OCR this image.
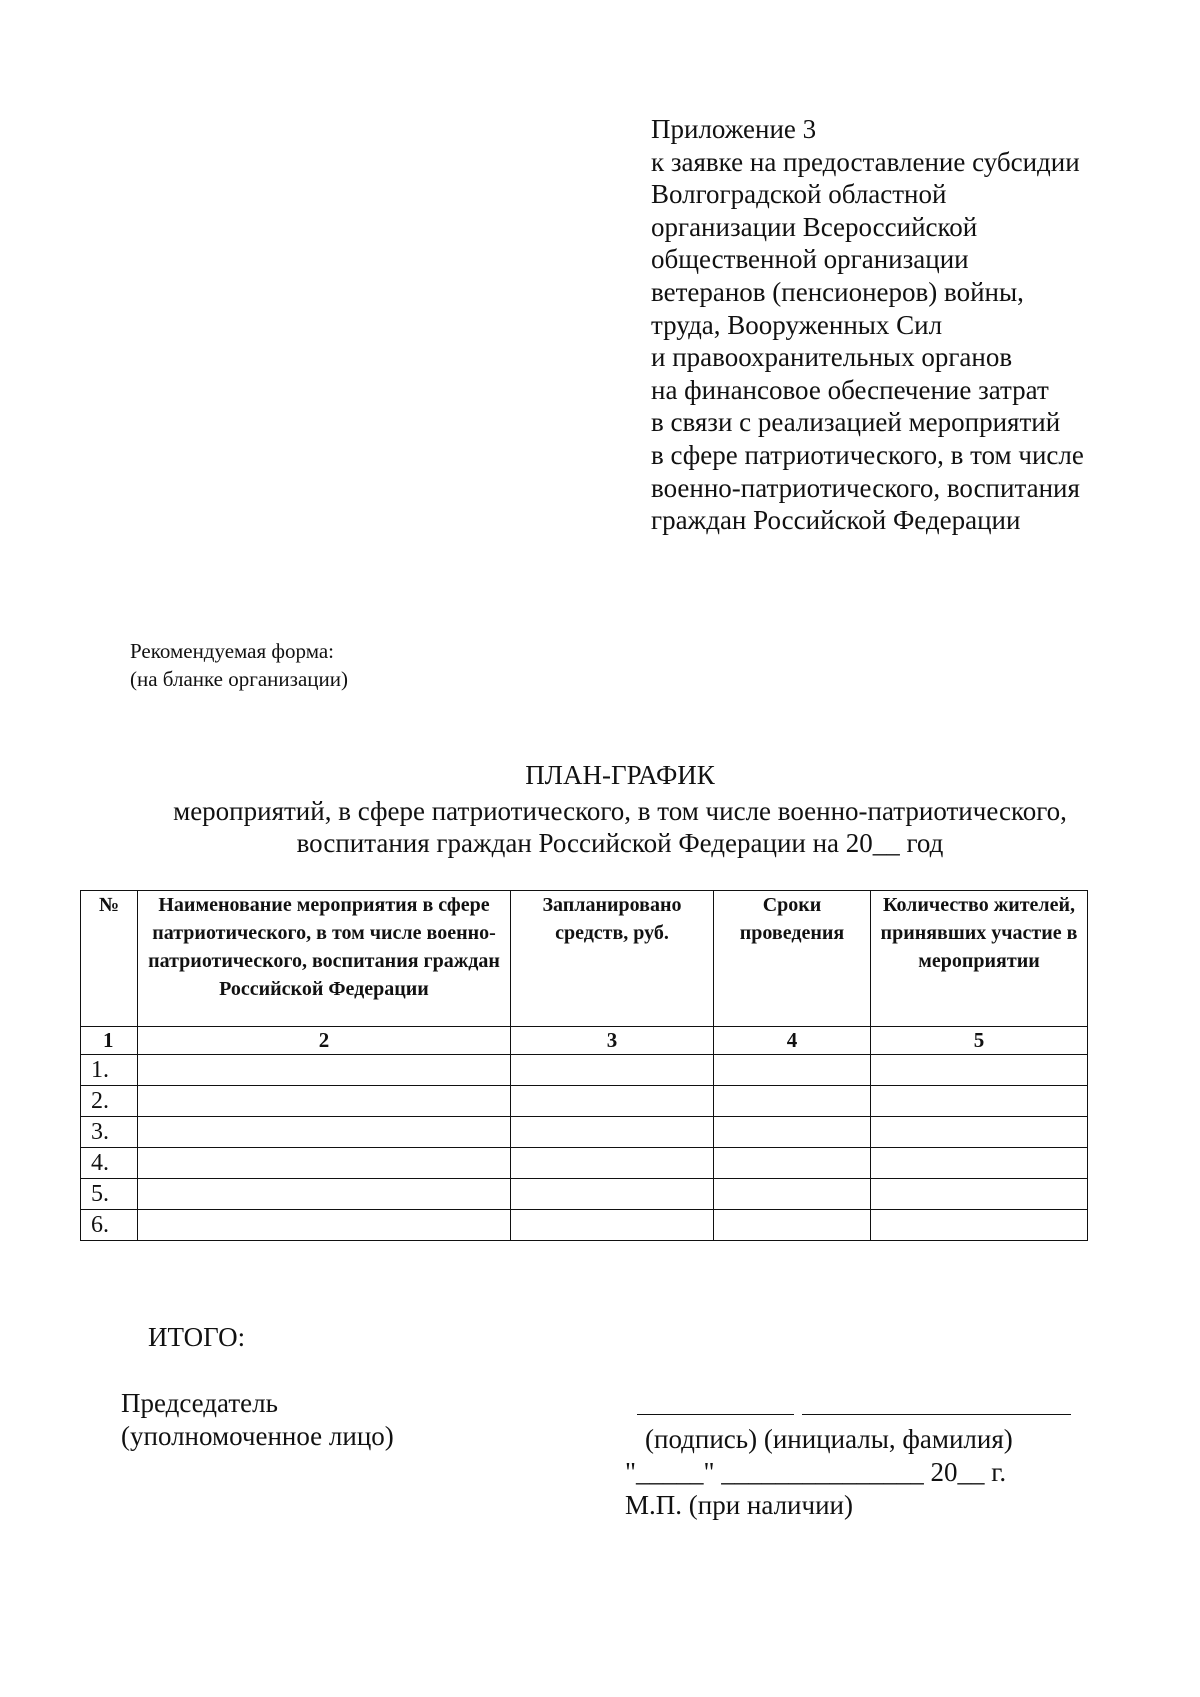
Приложение 3
к заявке на предоставление субсидии
Волгоградской областной
организации Всероссийской
общественной организации
ветеранов (пенсионеров) войны,
труда, Вооруженных Сил
и правоохранительных органов
на финансовое обеспечение затрат
в связи с реализацией мероприятий
в сфере патриотического, в том числе
военно-патриотического, воспитания
граждан Российской Федерации
Рекомендуемая форма:
(на бланке организации)
ПЛАН-ГРАФИК
мероприятий, в сфере патриотического, в том числе военно-патриотического,
воспитания граждан Российской Федерации на 20__ год
№	Наименование мероприятия в сфере патриотического, в том числе военно-патриотического, воспитания граждан Российской Федерации	Запланировано средств, руб.	Сроки проведения	Количество жителей, принявших участие в мероприятии
1	2	3	4	5
1.				
2.				
3.				
4.				
5.				
6.				
ИТОГО:
Председатель
(уполномоченное лицо)	(подпись) (инициалы, фамилия)
"_____" _______________ 20__ г.
М.П. (при наличии)
